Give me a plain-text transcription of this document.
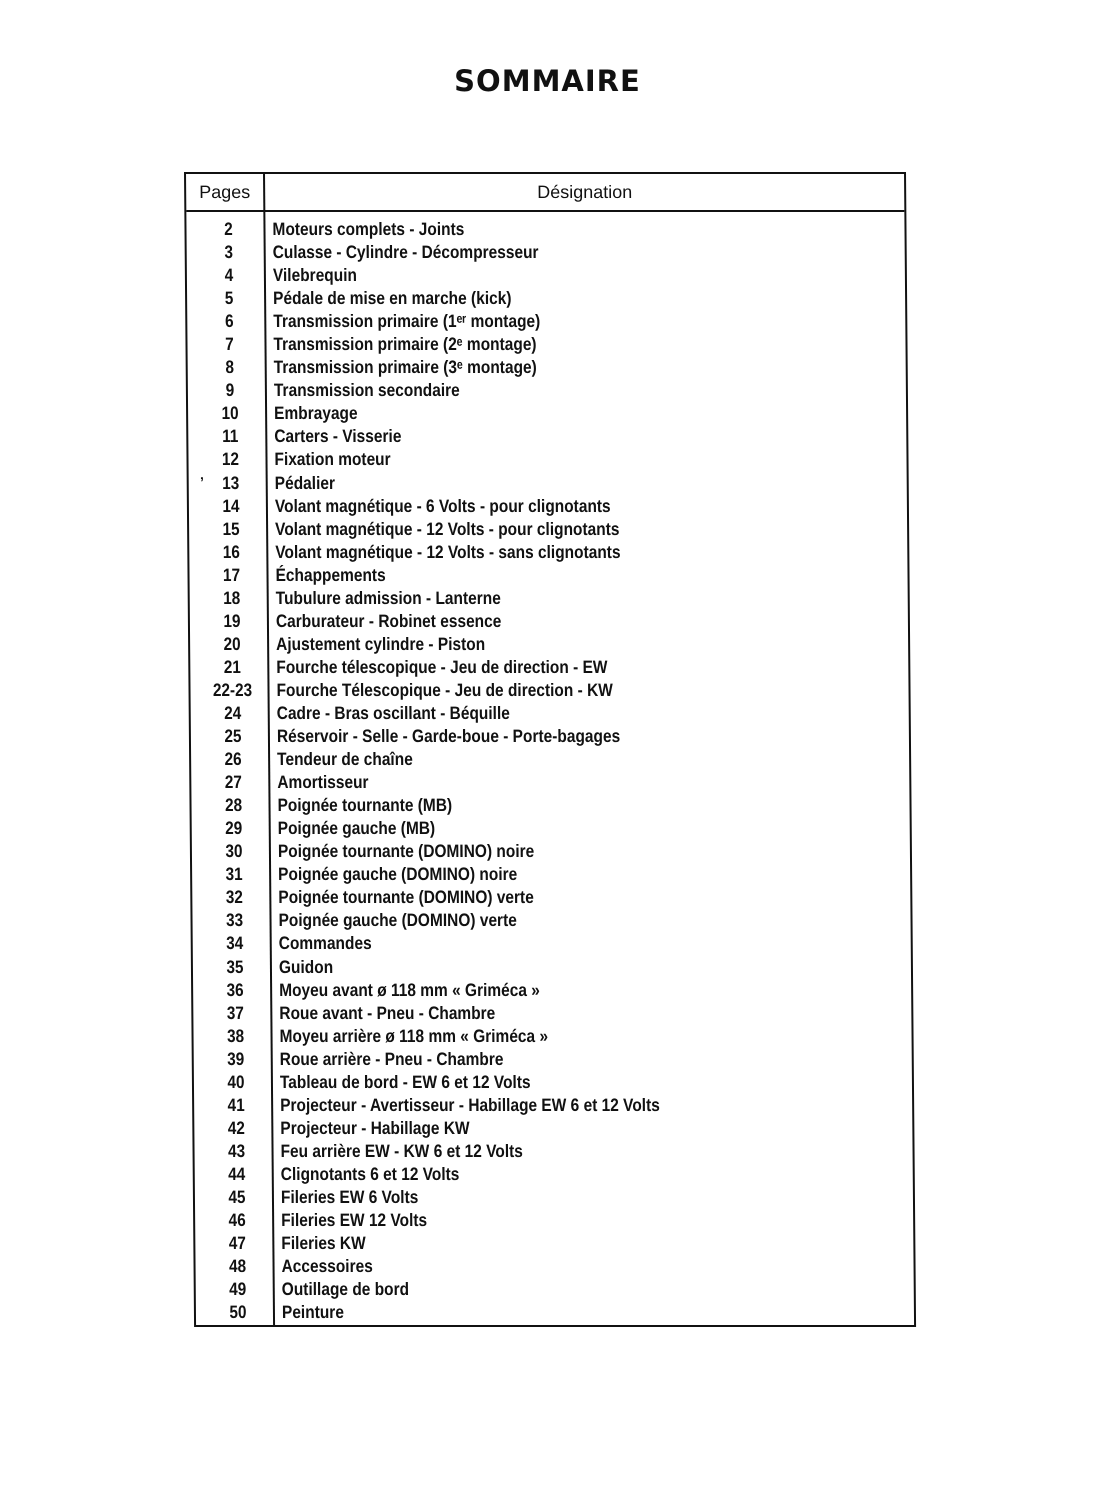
SOMMAIRE
Pages	Désignation
2	Moteurs complets - Joints
3	Culasse - Cylindre - Décompresseur
4	Vilebrequin
5	Pédale de mise en marche (kick)
6	Transmission primaire (1ᵉʳ montage)
7	Transmission primaire (2ᵉ montage)
8	Transmission primaire (3ᵉ montage)
9	Transmission secondaire
10	Embrayage
11	Carters - Visserie
12	Fixation moteur
13	Pédalier
14	Volant magnétique - 6 Volts - pour clignotants
15	Volant magnétique - 12 Volts - pour clignotants
16	Volant magnétique - 12 Volts - sans clignotants
17	Échappements
18	Tubulure admission - Lanterne
19	Carburateur - Robinet essence
20	Ajustement cylindre - Piston
21	Fourche télescopique - Jeu de direction - EW
22-23	Fourche Télescopique - Jeu de direction - KW
24	Cadre - Bras oscillant - Béquille
25	Réservoir - Selle - Garde-boue - Porte-bagages
26	Tendeur de chaîne
27	Amortisseur
28	Poignée tournante (MB)
29	Poignée gauche (MB)
30	Poignée tournante (DOMINO) noire
31	Poignée gauche (DOMINO) noire
32	Poignée tournante (DOMINO) verte
33	Poignée gauche (DOMINO) verte
34	Commandes
35	Guidon
36	Moyeu avant ø 118 mm « Griméca »
37	Roue avant - Pneu - Chambre
38	Moyeu arrière ø 118 mm « Griméca »
39	Roue arrière - Pneu - Chambre
40	Tableau de bord - EW 6 et 12 Volts
41	Projecteur - Avertisseur - Habillage EW 6 et 12 Volts
42	Projecteur - Habillage KW
43	Feu arrière EW - KW 6 et 12 Volts
44	Clignotants 6 et 12 Volts
45	Fileries EW 6 Volts
46	Fileries EW 12 Volts
47	Fileries KW
48	Accessoires
49	Outillage de bord
50	Peinture
ʼ
